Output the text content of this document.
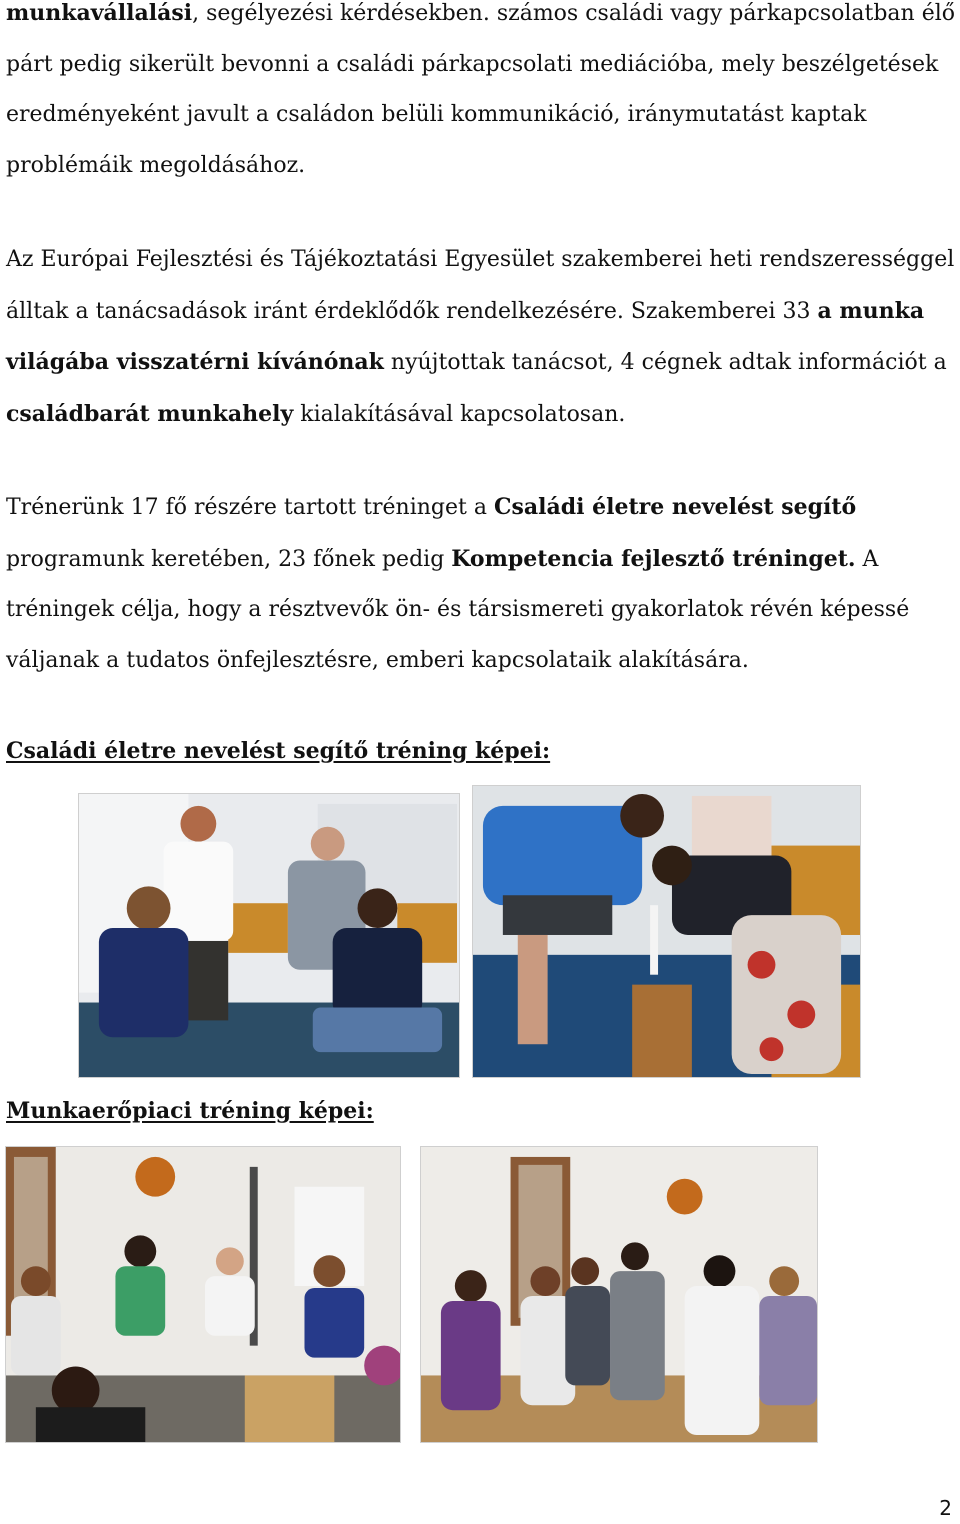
munkavállalási, segélyezési kérdésekben. számos családi vagy párkapcsolatban élő párt pedig sikerült bevonni a családi párkapcsolati mediációba, mely beszélgetések eredményeként javult a családon belüli kommunikáció, iránymutatást kaptak problémáik megoldásához.

Az Európai Fejlesztési és Tájékoztatási Egyesület szakemberei heti rendszerességgel álltak a tanácsadások iránt érdeklődők rendelkezésére. Szakemberei 33 a munka világába visszatérni kívánónak nyújtottak tanácsot, 4 cégnek adtak információt a családbarát munkahely kialakításával kapcsolatosan.

Trénerünk 17 fő részére tartott tréninget a Családi életre nevelést segítő programunk keretében, 23 főnek pedig Kompetencia fejlesztő tréninget. A tréningek célja, hogy a résztvevők ön- és társismereti gyakorlatok révén képessé váljanak a tudatos önfejlesztésre, emberi kapcsolataik alakítására.

Családi életre nevelést segítő tréning képei:

Munkaerőpiaci tréning képei:

2
